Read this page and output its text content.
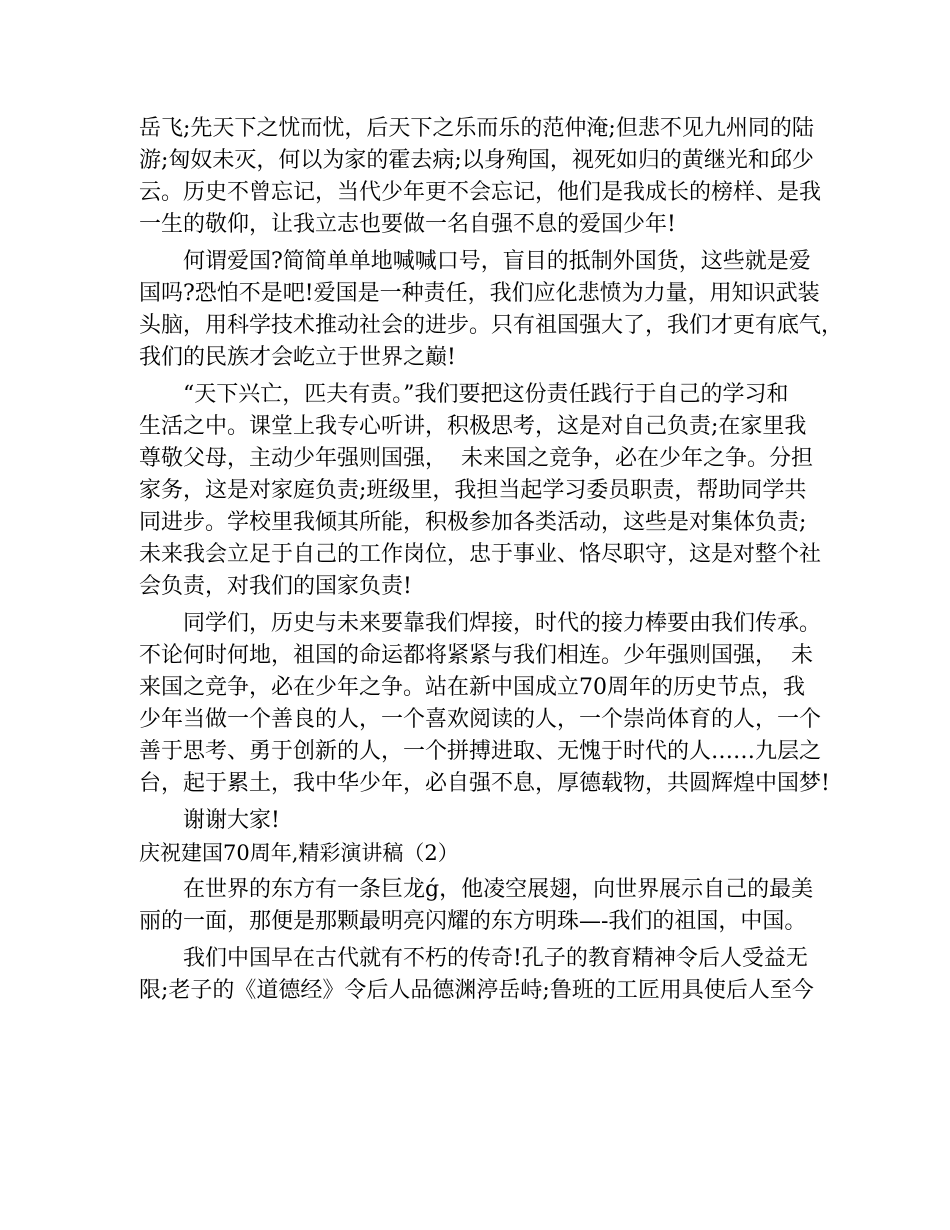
岳飞;先天下之忧而忧，后天下之乐而乐的范仲淹;但悲不见九州同的陆
游;匈奴未灭，何以为家的霍去病;以身殉国，视死如归的黄继光和邱少
云。历史不曾忘记，当代少年更不会忘记，他们是我成长的榜样、是我
一生的敬仰，让我立志也要做一名自强不息的爱国少年!
何谓爱国?简简单单地喊喊口号，盲目的抵制外国货，这些就是爱
国吗?恐怕不是吧!爱国是一种责任，我们应化悲愤为力量，用知识武装
头脑，用科学技术推动社会的进步。只有祖国强大了，我们才更有底气，
我们的民族才会屹立于世界之巅!
“天下兴亡，匹夫有责。”我们要把这份责任践行于自己的学习和
生活之中。课堂上我专心听讲，积极思考，这是对自己负责;在家里我
尊敬父母，主动少年强则国强，  未来国之竞争，必在少年之争。分担
家务，这是对家庭负责;班级里，我担当起学习委员职责，帮助同学共
同进步。学校里我倾其所能，积极参加各类活动，这些是对集体负责;
未来我会立足于自己的工作岗位，忠于事业、恪尽职守，这是对整个社
会负责，对我们的国家负责!
同学们，历史与未来要靠我们焊接，时代的接力棒要由我们传承。
不论何时何地，祖国的命运都将紧紧与我们相连。少年强则国强，  未
来国之竞争，必在少年之争。站在新中国成立70周年的历史节点，我
少年当做一个善良的人，一个喜欢阅读的人，一个崇尚体育的人，一个
善于思考、勇于创新的人，一个拼搏进取、无愧于时代的人……九层之
台，起于累土，我中华少年，必自强不息，厚德载物，共圆辉煌中国梦!
谢谢大家!
庆祝建国70周年,精彩演讲稿（2）
在世界的东方有一条巨龙ǵ，他凌空展翅，向世界展示自己的最美
丽的一面，那便是那颗最明亮闪耀的东方明珠—-我们的祖国，中国。
我们中国早在古代就有不朽的传奇!孔子的教育精神令后人受益无
限;老子的《道德经》令后人品德渊渟岳峙;鲁班的工匠用具使后人至今
